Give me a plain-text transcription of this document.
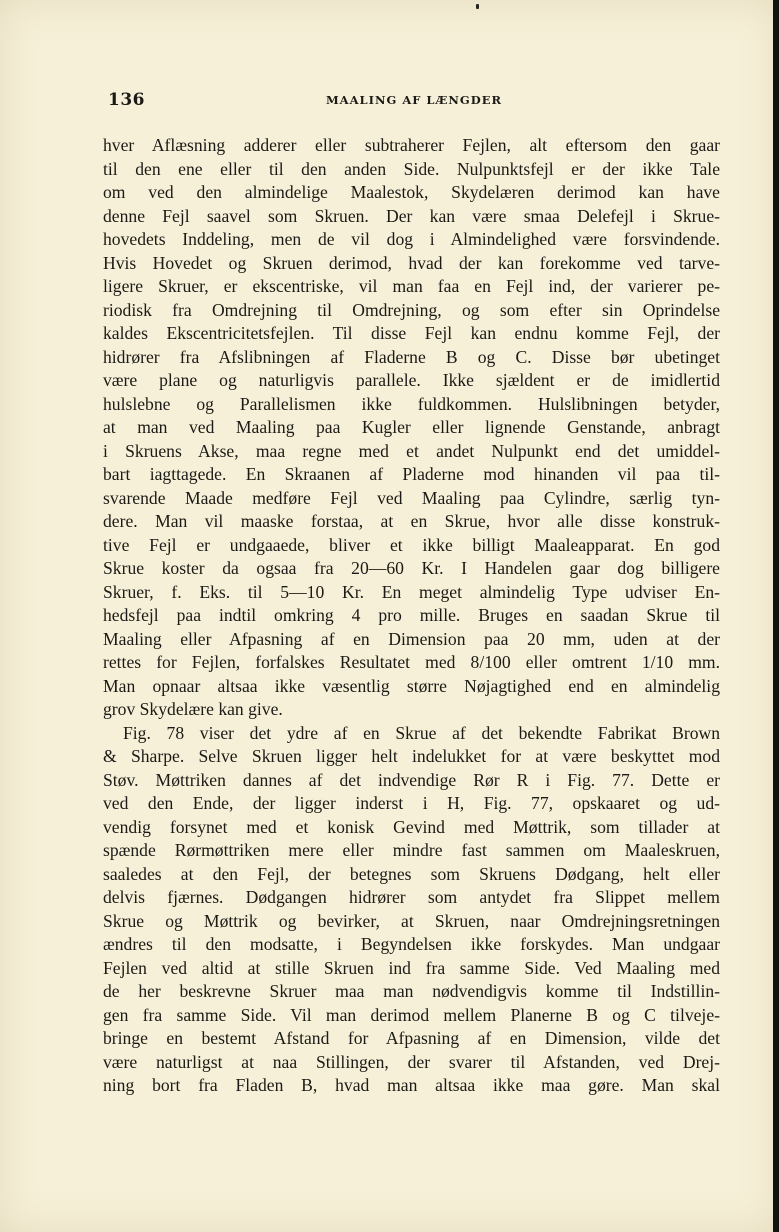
136	MAALING AF LÆNGDER
hver Aflæsning adderer eller subtraherer Fejlen, alt eftersom den gaar
til den ene eller til den anden Side. Nulpunktsfejl er der ikke Tale
om ved den almindelige Maalestok, Skydelæren derimod kan have
denne Fejl saavel som Skruen. Der kan være smaa Delefejl i Skrue-
hovedets Inddeling, men de vil dog i Almindelighed være forsvindende.
Hvis Hovedet og Skruen derimod, hvad der kan forekomme ved tarve-
ligere Skruer, er ekscentriske, vil man faa en Fejl ind, der varierer pe-
riodisk fra Omdrejning til Omdrejning, og som efter sin Oprindelse
kaldes Ekscentricitetsfejlen. Til disse Fejl kan endnu komme Fejl, der
hidrører fra Afslibningen af Fladerne B og C. Disse bør ubetinget
være plane og naturligvis parallele. Ikke sjældent er de imidlertid
hulslebne og Parallelismen ikke fuldkommen. Hulslibningen betyder,
at man ved Maaling paa Kugler eller lignende Genstande, anbragt
i Skruens Akse, maa regne med et andet Nulpunkt end det umiddel-
bart iagttagede. En Skraanen af Pladerne mod hinanden vil paa til-
svarende Maade medføre Fejl ved Maaling paa Cylindre, særlig tyn-
dere. Man vil maaske forstaa, at en Skrue, hvor alle disse konstruk-
tive Fejl er undgaaede, bliver et ikke billigt Maaleapparat. En god
Skrue koster da ogsaa fra 20—60 Kr. I Handelen gaar dog billigere
Skruer, f. Eks. til 5—10 Kr. En meget almindelig Type udviser En-
hedsfejl paa indtil omkring 4 pro mille. Bruges en saadan Skrue til
Maaling eller Afpasning af en Dimension paa 20 mm, uden at der
rettes for Fejlen, forfalskes Resultatet med 8/100 eller omtrent 1/10 mm.
Man opnaar altsaa ikke væsentlig større Nøjagtighed end en almindelig
grov Skydelære kan give.
Fig. 78 viser det ydre af en Skrue af det bekendte Fabrikat Brown
& Sharpe. Selve Skruen ligger helt indelukket for at være beskyttet mod
Støv. Møttriken dannes af det indvendige Rør R i Fig. 77. Dette er
ved den Ende, der ligger inderst i H, Fig. 77, opskaaret og ud-
vendig forsynet med et konisk Gevind med Møttrik, som tillader at
spænde Rørmøttriken mere eller mindre fast sammen om Maaleskruen,
saaledes at den Fejl, der betegnes som Skruens Dødgang, helt eller
delvis fjærnes. Dødgangen hidrører som antydet fra Slippet mellem
Skrue og Møttrik og bevirker, at Skruen, naar Omdrejningsretningen
ændres til den modsatte, i Begyndelsen ikke forskydes. Man undgaar
Fejlen ved altid at stille Skruen ind fra samme Side. Ved Maaling med
de her beskrevne Skruer maa man nødvendigvis komme til Indstillin-
gen fra samme Side. Vil man derimod mellem Planerne B og C tilveje-
bringe en bestemt Afstand for Afpasning af en Dimension, vilde det
være naturligst at naa Stillingen, der svarer til Afstanden, ved Drej-
ning bort fra Fladen B, hvad man altsaa ikke maa gøre. Man skal
